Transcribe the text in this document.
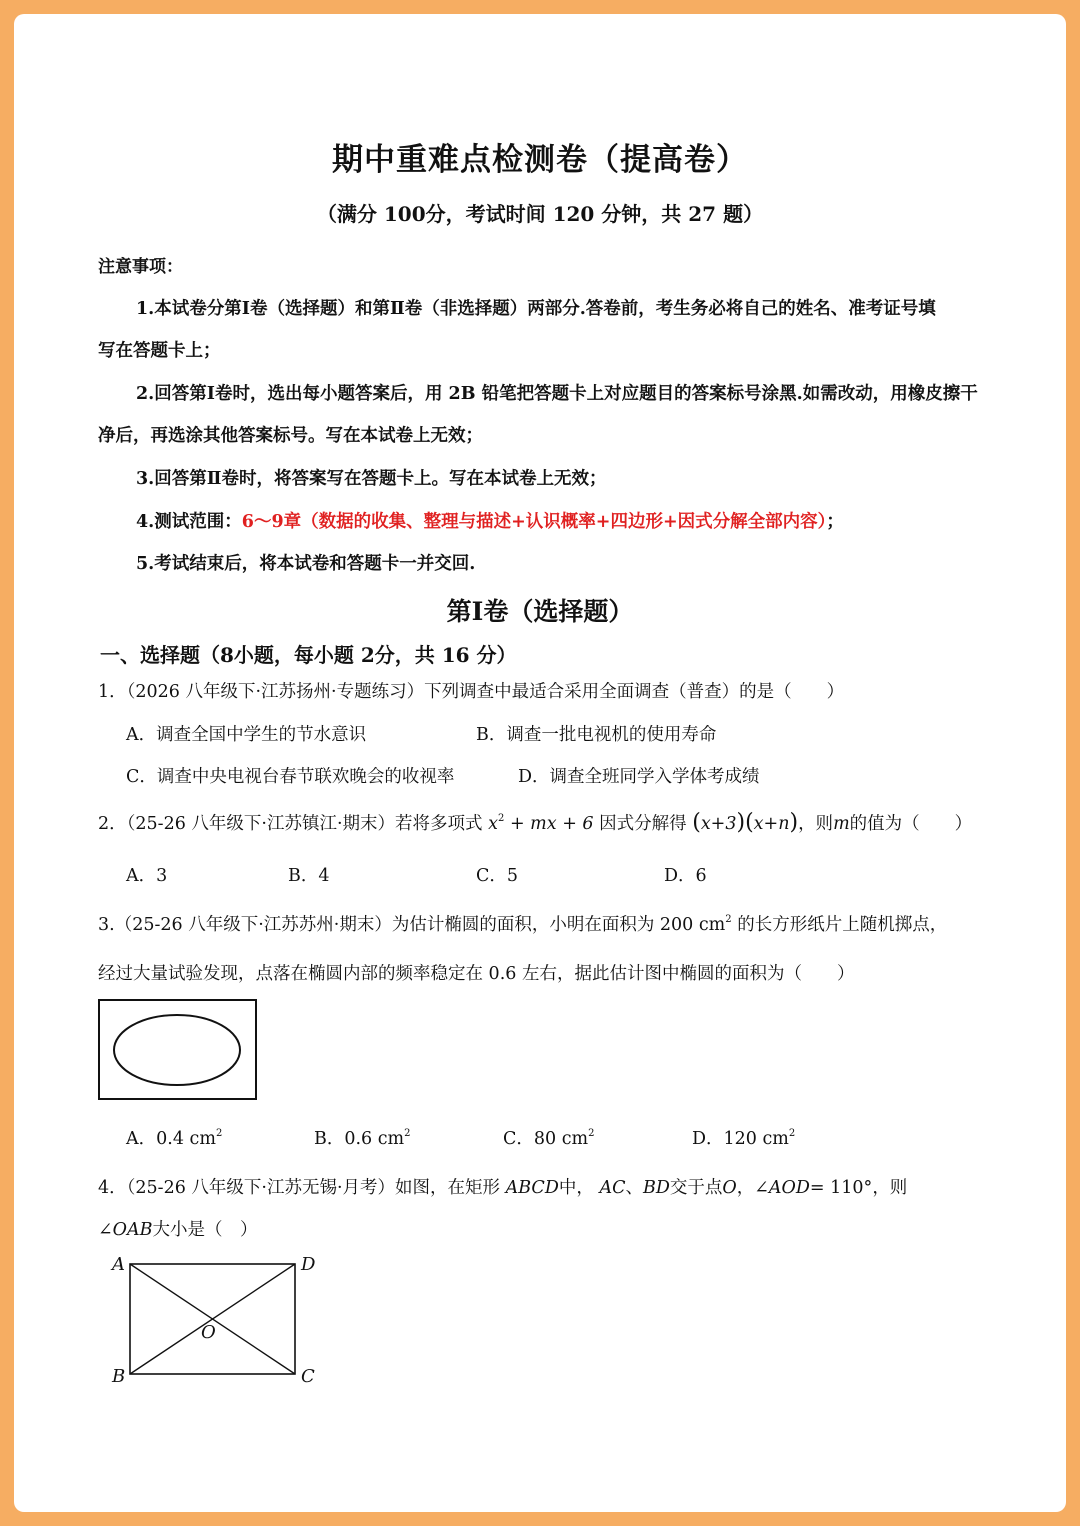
期中重难点检测卷（提高卷）
（满分 100分，考试时间 120 分钟，共 27 题）
注意事项：
1.本试卷分第Ⅰ卷（选择题）和第Ⅱ卷（非选择题）两部分.答卷前，考生务必将自己的姓名、准考证号填
写在答题卡上；
2.回答第Ⅰ卷时，选出每小题答案后，用 2B 铅笔把答题卡上对应题目的答案标号涂黑.如需改动，用橡皮擦干
净后，再选涂其他答案标号。写在本试卷上无效；
3.回答第Ⅱ卷时，将答案写在答题卡上。写在本试卷上无效；
4.测试范围：6～9章（数据的收集、整理与描述+认识概率+四边形+因式分解全部内容）；
5.考试结束后，将本试卷和答题卡一并交回.
第Ⅰ卷（选择题）
一、选择题（8小题，每小题 2分，共 16 分）
1．（2026 八年级下·江苏扬州·专题练习）下列调查中最适合采用全面调查（普查）的是（　　）
A．调查全国中学生的节水意识	B．调查一批电视机的使用寿命
C．调查中央电视台春节联欢晚会的收视率	D．调查全班同学入学体考成绩
2．（25-26 八年级下·江苏镇江·期末）若将多项式 $x^2$ + mx + 6 因式分解得 (x+3)(x+n)，则m的值为（　　）
A．3	B．4	C．5	D．6
3.（25-26 八年级下·江苏苏州·期末）为估计椭圆的面积，小明在面积为 200 $cm^2$ 的长方形纸片上随机掷点，
经过大量试验发现，点落在椭圆内部的频率稳定在 0.6 左右，据此估计图中椭圆的面积为（　　）
A．0.4 $cm^2$	B．0.6 $cm^2$	C．80 $cm^2$	D．120 $cm^2$
4．（25-26 八年级下·江苏无锡·月考）如图，在矩形 ABCD中， AC、BD交于点O，∠AOD= 110°，则
∠OAB大小是（　）
A	D
O
B	C
